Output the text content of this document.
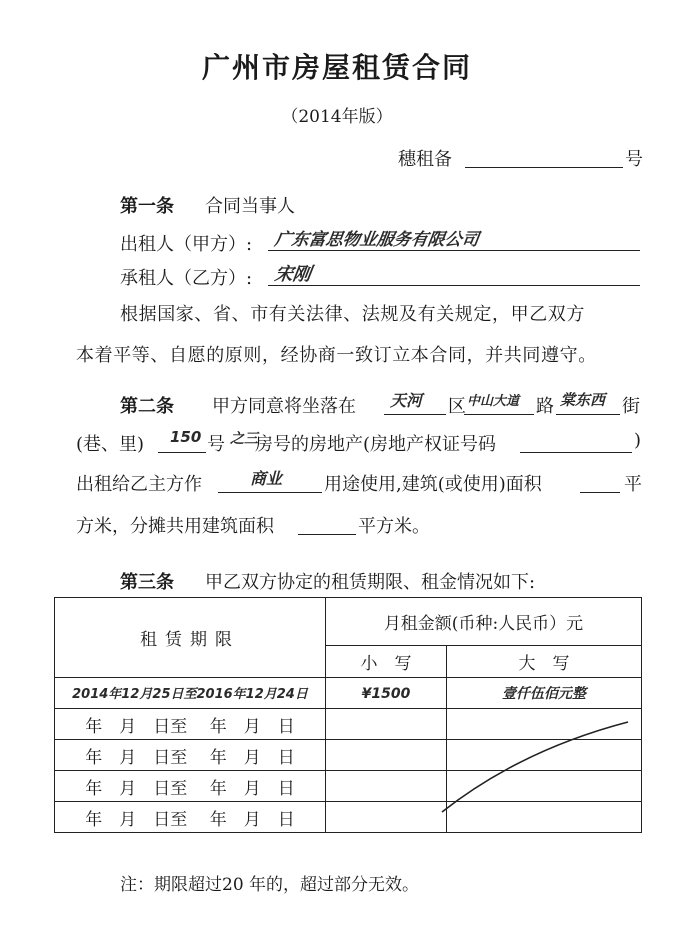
广州市房屋租赁合同
（2014年版）
穗租备	号
第一条 合同当事人
出租人（甲方）: 广东富思物业服务有限公司
承租人（乙方）: 宋刚
根据国家、省、市有关法律、法规及有关规定，甲乙双方
本着平等、自愿的原则，经协商一致订立本合同，并共同遵守。
第二条 甲方同意将坐落在 天河 区 中山大道 路 棠东西 街
(巷、里) 150 号 之三
房号的房地产(房地产权证号码	)
出租给乙主方作	商业 用途使用,建筑(或使用)面积	平
方米，分摊共用建筑面积	平方米。
第三条 甲乙双方协定的租赁期限、租金情况如下:
租赁期限	月租金额(币种:人民币）元	
	小　写	大　写
2014年12月25日至2016年12月24日	¥1500	壹仟伍佰元整
年　月　日至　 年　月　日		
年　月　日至　 年　月　日		
年　月　日至　 年　月　日		
年　月　日至　 年　月　日		
注：期限超过20 年的，超过部分无效。
